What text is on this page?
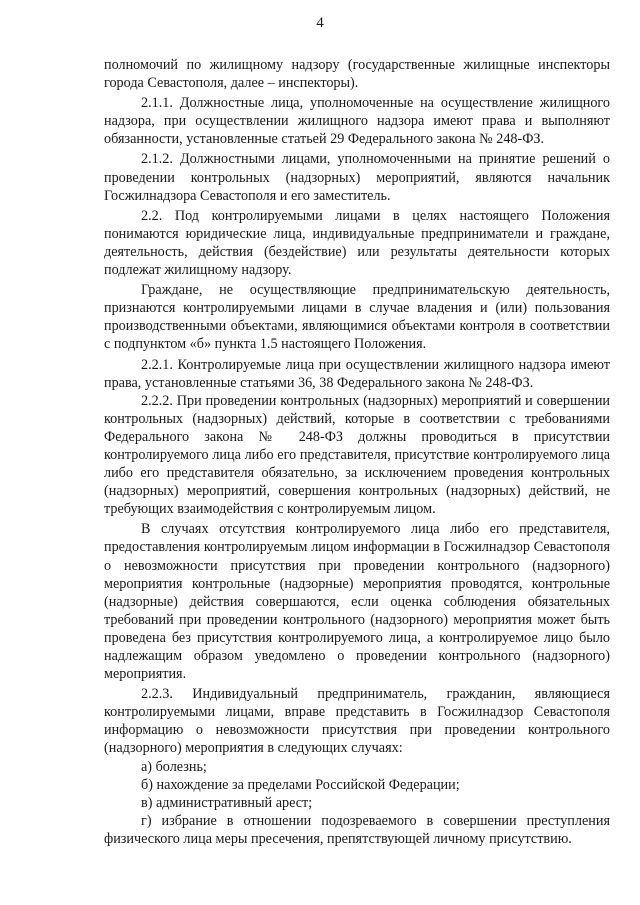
4

полномочий по жилищному надзору (государственные жилищные инспекторы города Севастополя, далее – инспекторы).

2.1.1. Должностные лица, уполномоченные на осуществление жилищного надзора, при осуществлении жилищного надзора имеют права и выполняют обязанности, установленные статьей 29 Федерального закона № 248-ФЗ.

2.1.2. Должностными лицами, уполномоченными на принятие решений о проведении контрольных (надзорных) мероприятий, являются начальник Госжилнадзора Севастополя и его заместитель.

2.2. Под контролируемыми лицами в целях настоящего Положения понимаются юридические лица, индивидуальные предприниматели и граждане, деятельность, действия (бездействие) или результаты деятельности которых подлежат жилищному надзору.

Граждане, не осуществляющие предпринимательскую деятельность, признаются контролируемыми лицами в случае владения и (или) пользования производственными объектами, являющимися объектами контроля в соответствии с подпунктом «б» пункта 1.5 настоящего Положения.

2.2.1. Контролируемые лица при осуществлении жилищного надзора имеют права, установленные статьями 36, 38 Федерального закона № 248-ФЗ.

2.2.2. При проведении контрольных (надзорных) мероприятий и совершении контрольных (надзорных) действий, которые в соответствии с требованиями Федерального закона № 248-ФЗ должны проводиться в присутствии контролируемого лица либо его представителя, присутствие контролируемого лица либо его представителя обязательно, за исключением проведения контрольных (надзорных) мероприятий, совершения контрольных (надзорных) действий, не требующих взаимодействия с контролируемым лицом.

В случаях отсутствия контролируемого лица либо его представителя, предоставления контролируемым лицом информации в Госжилнадзор Севастополя о невозможности присутствия при проведении контрольного (надзорного) мероприятия контрольные (надзорные) мероприятия проводятся, контрольные (надзорные) действия совершаются, если оценка соблюдения обязательных требований при проведении контрольного (надзорного) мероприятия может быть проведена без присутствия контролируемого лица, а контролируемое лицо было надлежащим образом уведомлено о проведении контрольного (надзорного) мероприятия.

2.2.3. Индивидуальный предприниматель, гражданин, являющиеся контролируемыми лицами, вправе представить в Госжилнадзор Севастополя информацию о невозможности присутствия при проведении контрольного (надзорного) мероприятия в следующих случаях:

а) болезнь;

б) нахождение за пределами Российской Федерации;

в) административный арест;

г) избрание в отношении подозреваемого в совершении преступления физического лица меры пресечения, препятствующей личному присутствию.
